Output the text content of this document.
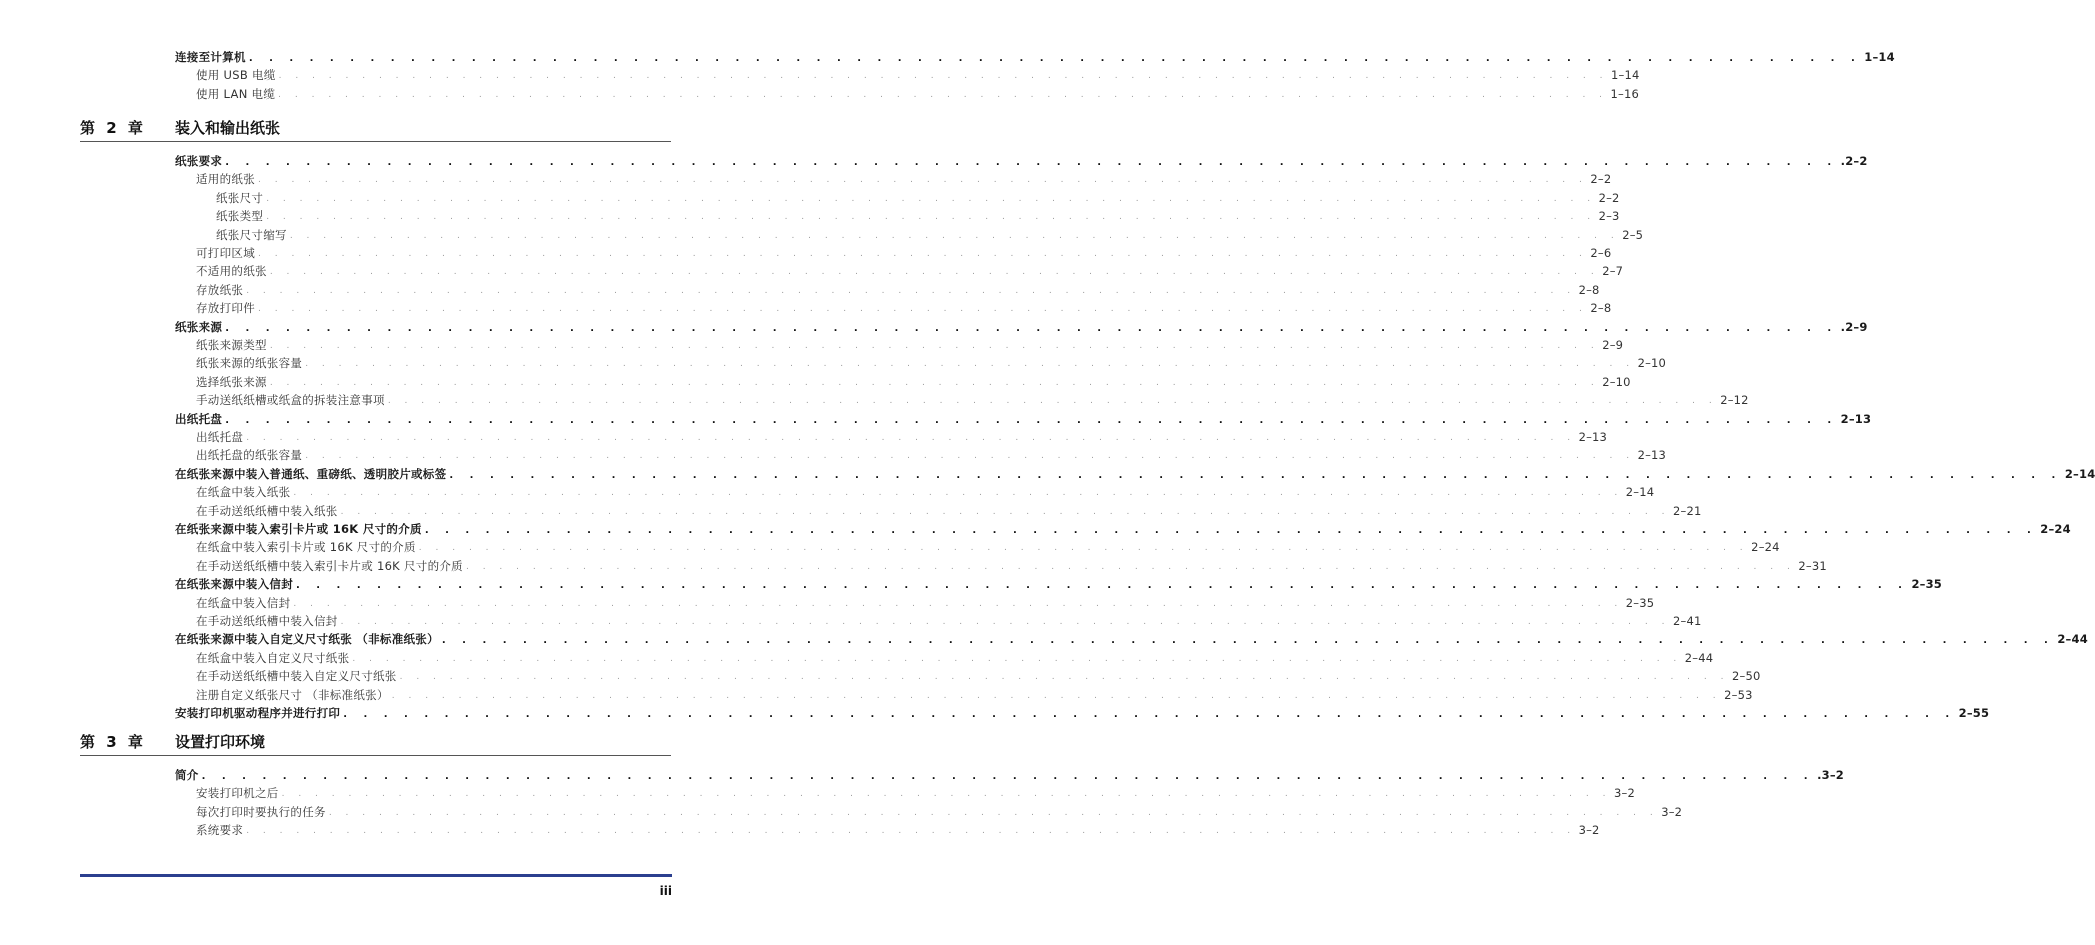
连接至计算机 . . . . . . . . . . . . . . . . . . . . . . . . . . . . . . . . . . . . . . . . . . . . . . . . . . . . . . . . . . . . . . . . . . . . . . . . . . . . . . . . 1–14
使用 USB 电缆 . . . . . . . . . . . . . . . . . . . . . . . . . . . . . . . . . . . . . . . . . . . . . . . . . . . . . . . . . . . . . . . . . . . . . . . . . . . . . . . . 1–14
使用 LAN 电缆 . . . . . . . . . . . . . . . . . . . . . . . . . . . . . . . . . . . . . . . . . . . . . . . . . . . . . . . . . . . . . . . . . . . . . . . . . . . . . . . . 1–16
第 2 章 装入和输出纸张
纸张要求 . . . . . . . . . . . . . . . . . . . . . . . . . . . . . . . . . . . . . . . . . . . . . . . . . . . . . . . . . . . . . . . . . . . . . . . . . . . . . . . . .2–2
适用的纸张 . . . . . . . . . . . . . . . . . . . . . . . . . . . . . . . . . . . . . . . . . . . . . . . . . . . . . . . . . . . . . . . . . . . . . . . . . . . . . . . . 2–2
纸张尺寸 . . . . . . . . . . . . . . . . . . . . . . . . . . . . . . . . . . . . . . . . . . . . . . . . . . . . . . . . . . . . . . . . . . . . . . . . . . . . . . . . 2–2
纸张类型 . . . . . . . . . . . . . . . . . . . . . . . . . . . . . . . . . . . . . . . . . . . . . . . . . . . . . . . . . . . . . . . . . . . . . . . . . . . . . . . . 2–3
纸张尺寸缩写 . . . . . . . . . . . . . . . . . . . . . . . . . . . . . . . . . . . . . . . . . . . . . . . . . . . . . . . . . . . . . . . . . . . . . . . . . . . . . . . . 2–5
可打印区域 . . . . . . . . . . . . . . . . . . . . . . . . . . . . . . . . . . . . . . . . . . . . . . . . . . . . . . . . . . . . . . . . . . . . . . . . . . . . . . . . 2–6
不适用的纸张 . . . . . . . . . . . . . . . . . . . . . . . . . . . . . . . . . . . . . . . . . . . . . . . . . . . . . . . . . . . . . . . . . . . . . . . . . . . . . . . . 2–7
存放纸张 . . . . . . . . . . . . . . . . . . . . . . . . . . . . . . . . . . . . . . . . . . . . . . . . . . . . . . . . . . . . . . . . . . . . . . . . . . . . . . . . 2–8
存放打印件 . . . . . . . . . . . . . . . . . . . . . . . . . . . . . . . . . . . . . . . . . . . . . . . . . . . . . . . . . . . . . . . . . . . . . . . . . . . . . . . . 2–8
纸张来源 . . . . . . . . . . . . . . . . . . . . . . . . . . . . . . . . . . . . . . . . . . . . . . . . . . . . . . . . . . . . . . . . . . . . . . . . . . . . . . . . .2–9
纸张来源类型 . . . . . . . . . . . . . . . . . . . . . . . . . . . . . . . . . . . . . . . . . . . . . . . . . . . . . . . . . . . . . . . . . . . . . . . . . . . . . . . . 2–9
纸张来源的纸张容量 . . . . . . . . . . . . . . . . . . . . . . . . . . . . . . . . . . . . . . . . . . . . . . . . . . . . . . . . . . . . . . . . . . . . . . . . . . . . . . . . 2–10
选择纸张来源 . . . . . . . . . . . . . . . . . . . . . . . . . . . . . . . . . . . . . . . . . . . . . . . . . . . . . . . . . . . . . . . . . . . . . . . . . . . . . . . . 2–10
手动送纸纸槽或纸盒的拆装注意事项 . . . . . . . . . . . . . . . . . . . . . . . . . . . . . . . . . . . . . . . . . . . . . . . . . . . . . . . . . . . . . . . . . . . . . . . . . . . . . . . . 2–12
出纸托盘 . . . . . . . . . . . . . . . . . . . . . . . . . . . . . . . . . . . . . . . . . . . . . . . . . . . . . . . . . . . . . . . . . . . . . . . . . . . . . . . . 2–13
出纸托盘 . . . . . . . . . . . . . . . . . . . . . . . . . . . . . . . . . . . . . . . . . . . . . . . . . . . . . . . . . . . . . . . . . . . . . . . . . . . . . . . . 2–13
出纸托盘的纸张容量 . . . . . . . . . . . . . . . . . . . . . . . . . . . . . . . . . . . . . . . . . . . . . . . . . . . . . . . . . . . . . . . . . . . . . . . . . . . . . . . . 2–13
在纸张来源中装入普通纸、重磅纸、透明胶片或标签 . . . . . . . . . . . . . . . . . . . . . . . . . . . . . . . . . . . . . . . . . . . . . . . . . . . . . . . . . . . . . . . . . . . . . . . . . . . . . . . . 2–14
在纸盒中装入纸张 . . . . . . . . . . . . . . . . . . . . . . . . . . . . . . . . . . . . . . . . . . . . . . . . . . . . . . . . . . . . . . . . . . . . . . . . . . . . . . . . 2–14
在手动送纸纸槽中装入纸张 . . . . . . . . . . . . . . . . . . . . . . . . . . . . . . . . . . . . . . . . . . . . . . . . . . . . . . . . . . . . . . . . . . . . . . . . . . . . . . . . 2–21
在纸张来源中装入索引卡片或 16K 尺寸的介质 . . . . . . . . . . . . . . . . . . . . . . . . . . . . . . . . . . . . . . . . . . . . . . . . . . . . . . . . . . . . . . . . . . . . . . . . . . . . . . . . 2–24
在纸盒中装入索引卡片或 16K 尺寸的介质 . . . . . . . . . . . . . . . . . . . . . . . . . . . . . . . . . . . . . . . . . . . . . . . . . . . . . . . . . . . . . . . . . . . . . . . . . . . . . . . . 2–24
在手动送纸纸槽中装入索引卡片或 16K 尺寸的介质 . . . . . . . . . . . . . . . . . . . . . . . . . . . . . . . . . . . . . . . . . . . . . . . . . . . . . . . . . . . . . . . . . . . . . . . . . . . . . . . . 2–31
在纸张来源中装入信封 . . . . . . . . . . . . . . . . . . . . . . . . . . . . . . . . . . . . . . . . . . . . . . . . . . . . . . . . . . . . . . . . . . . . . . . . . . . . . . . . 2–35
在纸盒中装入信封 . . . . . . . . . . . . . . . . . . . . . . . . . . . . . . . . . . . . . . . . . . . . . . . . . . . . . . . . . . . . . . . . . . . . . . . . . . . . . . . . 2–35
在手动送纸纸槽中装入信封 . . . . . . . . . . . . . . . . . . . . . . . . . . . . . . . . . . . . . . . . . . . . . . . . . . . . . . . . . . . . . . . . . . . . . . . . . . . . . . . . 2–41
在纸张来源中装入自定义尺寸纸张 （非标准纸张） . . . . . . . . . . . . . . . . . . . . . . . . . . . . . . . . . . . . . . . . . . . . . . . . . . . . . . . . . . . . . . . . . . . . . . . . . . . . . . . . 2–44
在纸盒中装入自定义尺寸纸张 . . . . . . . . . . . . . . . . . . . . . . . . . . . . . . . . . . . . . . . . . . . . . . . . . . . . . . . . . . . . . . . . . . . . . . . . . . . . . . . . 2–44
在手动送纸纸槽中装入自定义尺寸纸张 . . . . . . . . . . . . . . . . . . . . . . . . . . . . . . . . . . . . . . . . . . . . . . . . . . . . . . . . . . . . . . . . . . . . . . . . . . . . . . . . 2–50
注册自定义纸张尺寸 （非标准纸张） . . . . . . . . . . . . . . . . . . . . . . . . . . . . . . . . . . . . . . . . . . . . . . . . . . . . . . . . . . . . . . . . . . . . . . . . . . . . . . . . 2–53
安装打印机驱动程序并进行打印 . . . . . . . . . . . . . . . . . . . . . . . . . . . . . . . . . . . . . . . . . . . . . . . . . . . . . . . . . . . . . . . . . . . . . . . . . . . . . . . . 2–55
第 3 章 设置打印环境
简介 . . . . . . . . . . . . . . . . . . . . . . . . . . . . . . . . . . . . . . . . . . . . . . . . . . . . . . . . . . . . . . . . . . . . . . . . . . . . . . . . .3–2
安装打印机之后 . . . . . . . . . . . . . . . . . . . . . . . . . . . . . . . . . . . . . . . . . . . . . . . . . . . . . . . . . . . . . . . . . . . . . . . . . . . . . . . . 3–2
每次打印时要执行的任务 . . . . . . . . . . . . . . . . . . . . . . . . . . . . . . . . . . . . . . . . . . . . . . . . . . . . . . . . . . . . . . . . . . . . . . . . . . . . . . . . 3–2
系统要求 . . . . . . . . . . . . . . . . . . . . . . . . . . . . . . . . . . . . . . . . . . . . . . . . . . . . . . . . . . . . . . . . . . . . . . . . . . . . . . . . 3–2
iii
